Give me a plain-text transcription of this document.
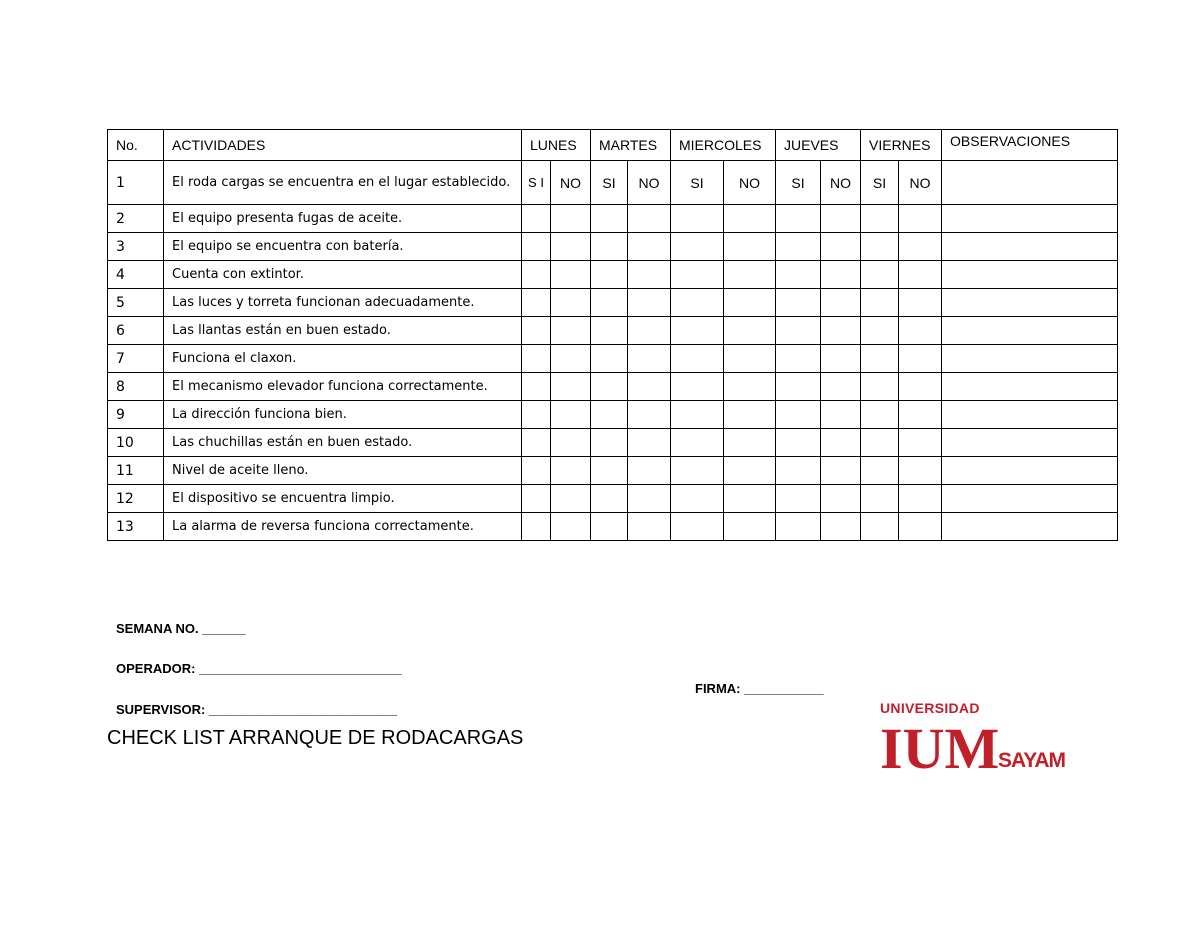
No.	ACTIVIDADES	LUNES		MARTES		MIERCOLES		JUEVES		VIERNES		OBSERVACIONES
1	El roda cargas se encuentra en el lugar establecido.	S I	NO	SI	NO	SI	NO	SI	NO	SI	NO	
2	El equipo presenta fugas de aceite.											
3	El equipo se encuentra con batería.											
4	Cuenta con extintor.											
5	Las luces y torreta funcionan adecuadamente.											
6	Las llantas están en buen estado.											
7	Funciona el claxon.											
8	El mecanismo elevador funciona correctamente.											
9	La dirección funciona bien.											
10	Las chuchillas están en buen estado.											
11	Nivel de aceite lleno.											
12	El dispositivo se encuentra limpio.											
13	La alarma de reversa funciona correctamente.											
SEMANA NO. ______
OPERADOR: ____________________________
FIRMA: ___________
SUPERVISOR: __________________________
CHECK LIST ARRANQUE DE RODACARGAS
UNIVERSIDAD
IUM
SAYAM
